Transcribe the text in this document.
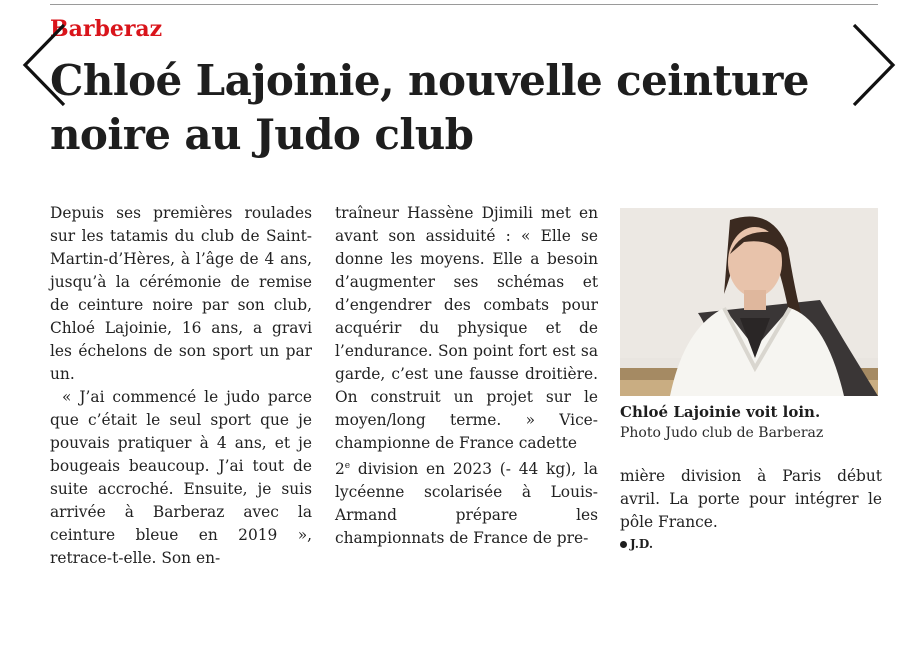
Barberaz
Chloé Lajoinie, nouvelle ceinture noire au Judo club

Depuis ses premières roulades sur les tatamis du club de Saint-Martin-d’Hères, à l’âge de 4 ans, jusqu’à la cérémonie de remise de ceinture noire par son club, Chloé Lajoinie, 16 ans, a gravi les échelons de son sport un par un.

« J’ai commencé le judo parce que c’était le seul sport que je pouvais pratiquer à 4 ans, et je bougeais beaucoup. J’ai tout de suite accroché. Ensuite, je suis arrivée à Barberaz avec la ceinture bleue en 2019 », retrace-t-elle. Son en-

traîneur Hassène Djimili met en avant son assiduité : « Elle se donne les moyens. Elle a besoin d’augmenter ses schémas et d’engendrer des combats pour acquérir du physique et de l’endurance. Son point fort est sa garde, c’est une fausse droitière. On construit un projet sur le moyen/long terme. » Vice-championne de France cadette

2e division en 2023 (- 44 kg), la lycéenne scolarisée à Louis-Armand prépare les championnats de France de pre-

Chloé Lajoinie voit loin.
Photo Judo club de Barberaz

mière division à Paris début avril. La porte pour intégrer le pôle France.

J.D.
